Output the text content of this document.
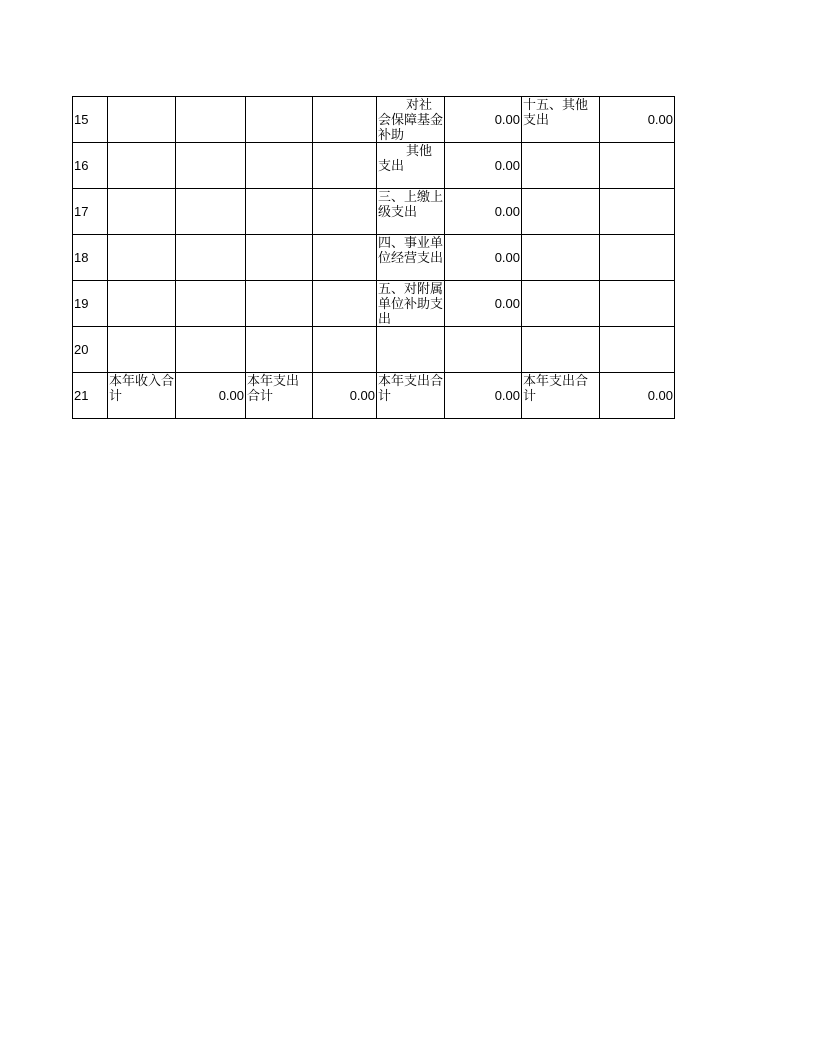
15					对社会保障基金补助	0.00	十五、其他支出	0.00
16					其他支出	0.00		
17					三、上缴上级支出	0.00		
18					四、事业单位经营支出	0.00		
19					五、对附属单位补助支出	0.00		
20								
21	本年收入合计	0.00	本年支出合计	0.00	本年支出合计	0.00	本年支出合计	0.00
